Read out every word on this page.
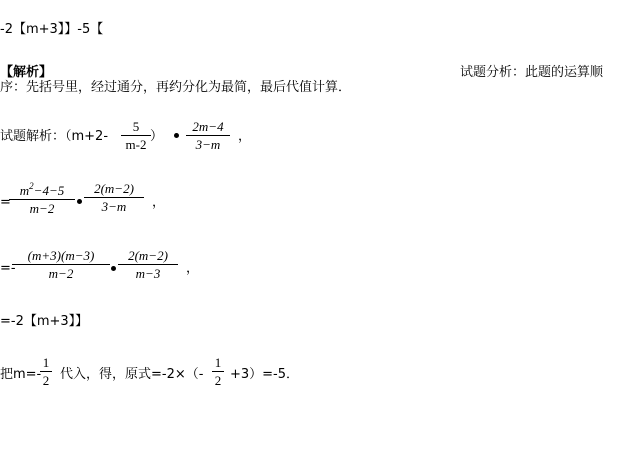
-2【m+3】】-5【
【解析】	试题分析：此题的运算顺
序：先括号里，经过通分，再约分化为最简，最后代值计算．
试题解析：（m+2-
5
m-2
）
2m−4
3−m
，
=
$m^2-4-5$
m−2
2(m−2)
3−m	，
=-
(m+3)(m−3)
m−2
2(m−2)
m−3	，
=-2【m+3】】
把m=-
1
2 代入，得，原式=-2×（-
1
2 +3）=-5．
